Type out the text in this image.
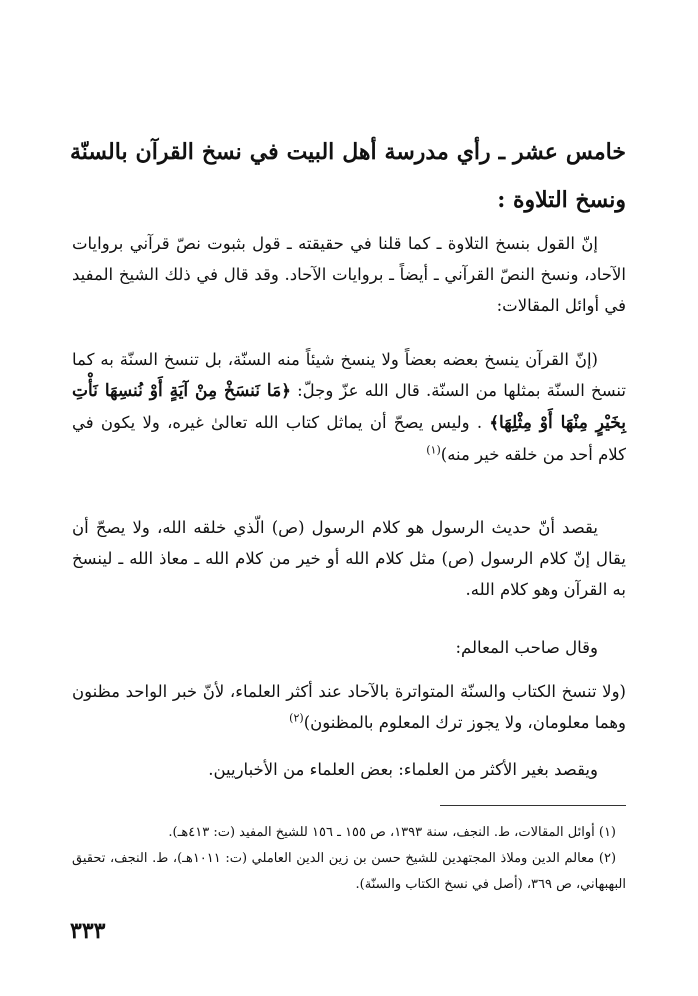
خامس عشر ـ رأي مدرسة أهل البيت في نسخ القرآن بالسنّة ونسخ التلاوة :
إنّ القول بنسخ التلاوة ـ كما قلنا في حقيقته ـ قول بثبوت نصّ قرآني بروايات الآحاد، ونسخ النصّ القرآني ـ أيضاً ـ بروايات الآحاد. وقد قال في ذلك الشيخ المفيد في أوائل المقالات:
(إنّ القرآن ينسخ بعضه بعضاً ولا ينسخ شيئاً منه السنّة، بل تنسخ السنّة به كما تنسخ السنّة بمثلها من السنّة. قال الله عزّ وجلّ: ﴿مَا نَنسَخْ مِنْ آيَةٍ أَوْ نُنسِهَا نَأْتِ بِخَيْرٍ مِنْهَا أَوْ مِثْلِهَا﴾ . وليس يصحّ أن يماثل كتاب الله تعالىٰ غيره، ولا يكون في كلام أحد من خلقه خير منه)$^{(١)}$
يقصد أنّ حديث الرسول هو كلام الرسول (ص) الّذي خلقه الله، ولا يصحّ أن يقال إنّ كلام الرسول (ص) مثل كلام الله أو خير من كلام الله ـ معاذ الله ـ لينسخ به القرآن وهو كلام الله.
وقال صاحب المعالم:
(ولا تنسخ الكتاب والسنّة المتواترة بالآحاد عند أكثر العلماء، لأنّ خبر الواحد مظنون وهما معلومان، ولا يجوز ترك المعلوم بالمظنون)$^{(٢)}$
ويقصد بغير الأكثر من العلماء: بعض العلماء من الأخباريين.

(١) أوائل المقالات، ط. النجف، سنة ١٣٩٣، ص ١٥٥ ـ ١٥٦ للشيخ المفيد (ت: ٤١٣هـ).

(٢) معالم الدين وملاذ المجتهدين للشيخ حسن بن زين الدين العاملي (ت: ١٠١١هـ)، ط. النجف، تحقيق البهبهاني، ص ٣٦٩، (أصل في نسخ الكتاب والسنّة).

٣٣٣
